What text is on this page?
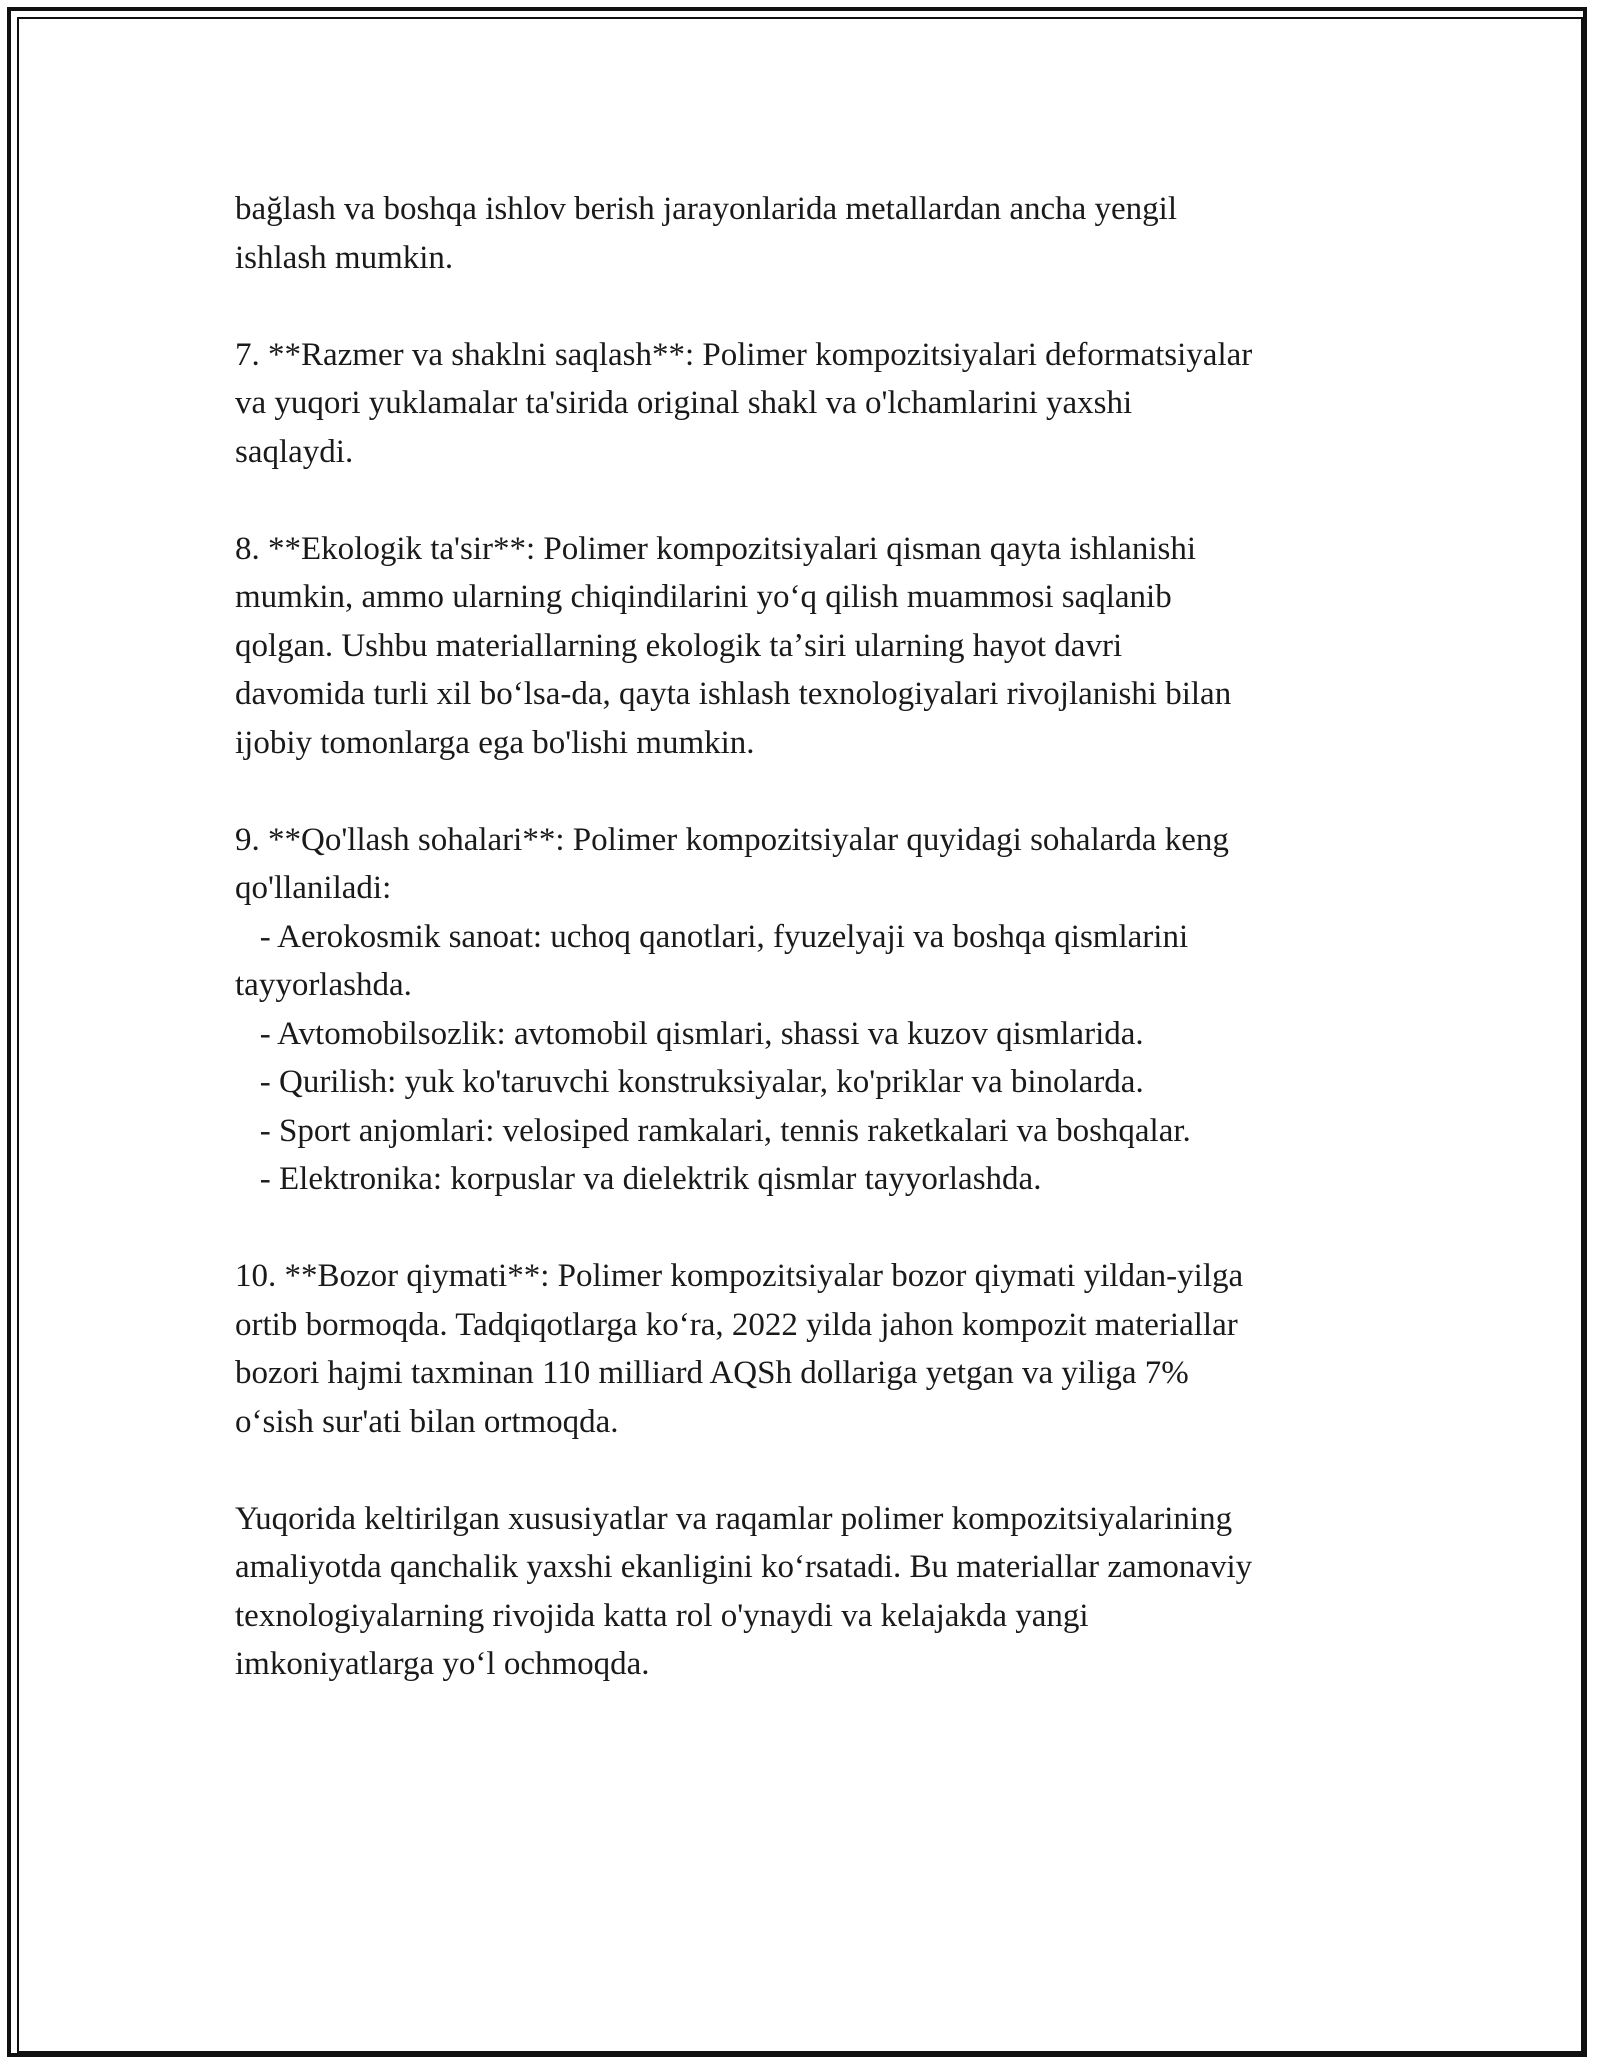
bağlash va boshqa ishlov berish jarayonlarida metallardan ancha yengil
ishlash mumkin.

7. **Razmer va shaklni saqlash**: Polimer kompozitsiyalari deformatsiyalar
va yuqori yuklamalar ta'sirida original shakl va o'lchamlarini yaxshi
saqlaydi.

8. **Ekologik ta'sir**: Polimer kompozitsiyalari qisman qayta ishlanishi
mumkin, ammo ularning chiqindilarini yoʻq qilish muammosi saqlanib
qolgan. Ushbu materiallarning ekologik taʼsiri ularning hayot davri
davomida turli xil boʻlsa-da, qayta ishlash texnologiyalari rivojlanishi bilan
ijobiy tomonlarga ega bo'lishi mumkin.

9. **Qo'llash sohalari**: Polimer kompozitsiyalar quyidagi sohalarda keng
qo'llaniladi:
- Aerokosmik sanoat: uchoq qanotlari, fyuzelyaji va boshqa qismlarini
tayyorlashda.
- Avtomobilsozlik: avtomobil qismlari, shassi va kuzov qismlarida.
- Qurilish: yuk ko'taruvchi konstruksiyalar, ko'priklar va binolarda.
- Sport anjomlari: velosiped ramkalari, tennis raketkalari va boshqalar.
- Elektronika: korpuslar va dielektrik qismlar tayyorlashda.

10. **Bozor qiymati**: Polimer kompozitsiyalar bozor qiymati yildan-yilga
ortib bormoqda. Tadqiqotlarga koʻra, 2022 yilda jahon kompozit materiallar
bozori hajmi taxminan 110 milliard AQSh dollariga yetgan va yiliga 7%
oʻsish sur'ati bilan ortmoqda.

Yuqorida keltirilgan xususiyatlar va raqamlar polimer kompozitsiyalarining
amaliyotda qanchalik yaxshi ekanligini koʻrsatadi. Bu materiallar zamonaviy
texnologiyalarning rivojida katta rol o'ynaydi va kelajakda yangi
imkoniyatlarga yoʻl ochmoqda.
